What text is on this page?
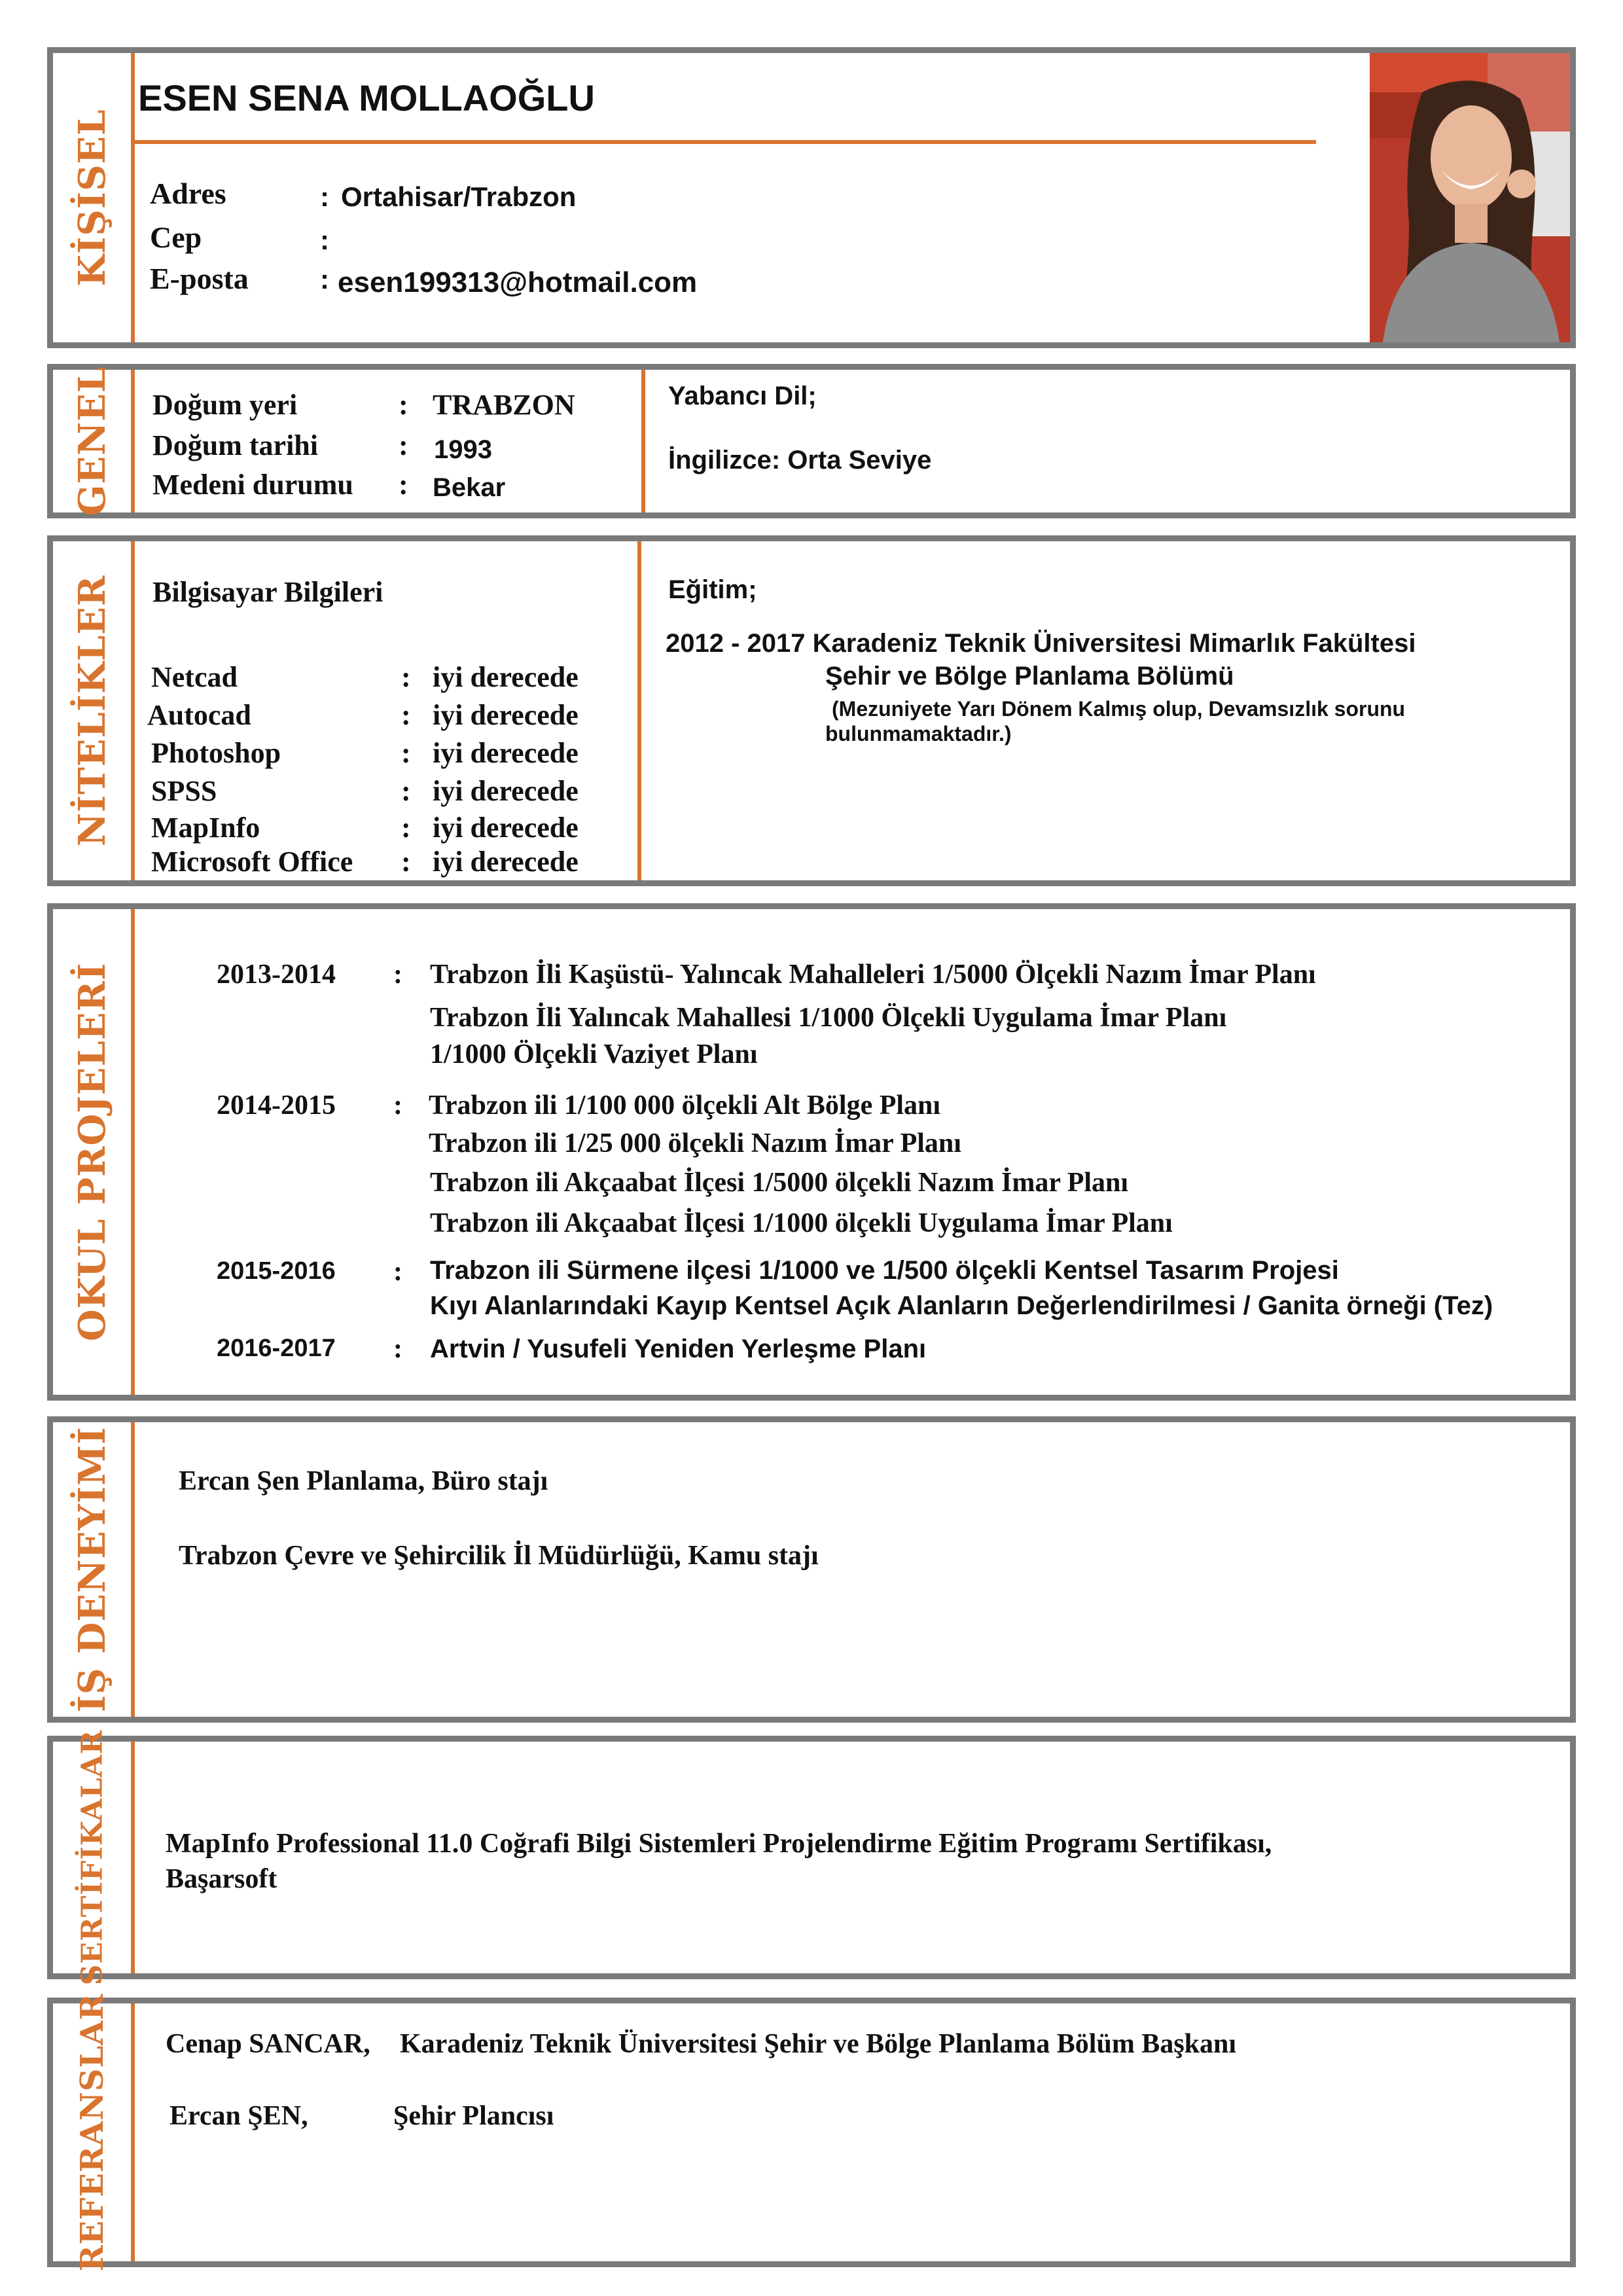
KİŞİSEL
ESEN SENA MOLLAOĞLU
Adres	: Ortahisar/Trabzon
Cep	:
E-posta	: esen199313@hotmail.com
GENEL Doğum yeri	: TRABZON
Doğum tarihi	: 1993
Medeni durumu : Bekar
Yabancı Dil;
İngilizce: Orta Seviye
NİTELİKLER Bilgisayar Bilgileri
Netcad	: iyi derecede
Autocad	: iyi derecede
Photoshop	: iyi derecede
SPSS	: iyi derecede
MapInfo	: iyi derecede
Microsoft Office : iyi derecede
Eğitim;
2012 - 2017 Karadeniz Teknik Üniversitesi Mimarlık Fakültesi
Şehir ve Bölge Planlama Bölümü
(Mezuniyete Yarı Dönem Kalmış olup, Devamsızlık sorunu
bulunmamaktadır.)
OKUL PROJELERİ	2013-2014 : Trabzon İli Kaşüstü- Yalıncak Mahalleleri 1/5000 Ölçekli Nazım İmar Planı
Trabzon İli Yalıncak Mahallesi 1/1000 Ölçekli Uygulama İmar Planı
1/1000 Ölçekli Vaziyet Planı
2014-2015 : Trabzon ili 1/100 000 ölçekli Alt Bölge Planı
Trabzon ili 1/25 000 ölçekli Nazım İmar Planı
Trabzon ili Akçaabat İlçesi 1/5000 ölçekli Nazım İmar Planı
Trabzon ili Akçaabat İlçesi 1/1000 ölçekli Uygulama İmar Planı
2015-2016 : Trabzon ili Sürmene ilçesi 1/1000 ve 1/500 ölçekli Kentsel Tasarım Projesi
Kıyı Alanlarındaki Kayıp Kentsel Açık Alanların Değerlendirilmesi / Ganita örneği (Tez)
2016-2017 : Artvin / Yusufeli Yeniden Yerleşme Planı
İŞ DENEYİMİ Ercan Şen Planlama, Büro stajı
Trabzon Çevre ve Şehircilik İl Müdürlüğü, Kamu stajı
SERTİFİKALAR MapInfo Professional 11.0 Coğrafi Bilgi Sistemleri Projelendirme Eğitim Programı Sertifikası,
Başarsoft
REFERANSLAR Cenap SANCAR, Karadeniz Teknik Üniversitesi Şehir ve Bölge Planlama Bölüm Başkanı
Ercan ŞEN,	Şehir Plancısı
